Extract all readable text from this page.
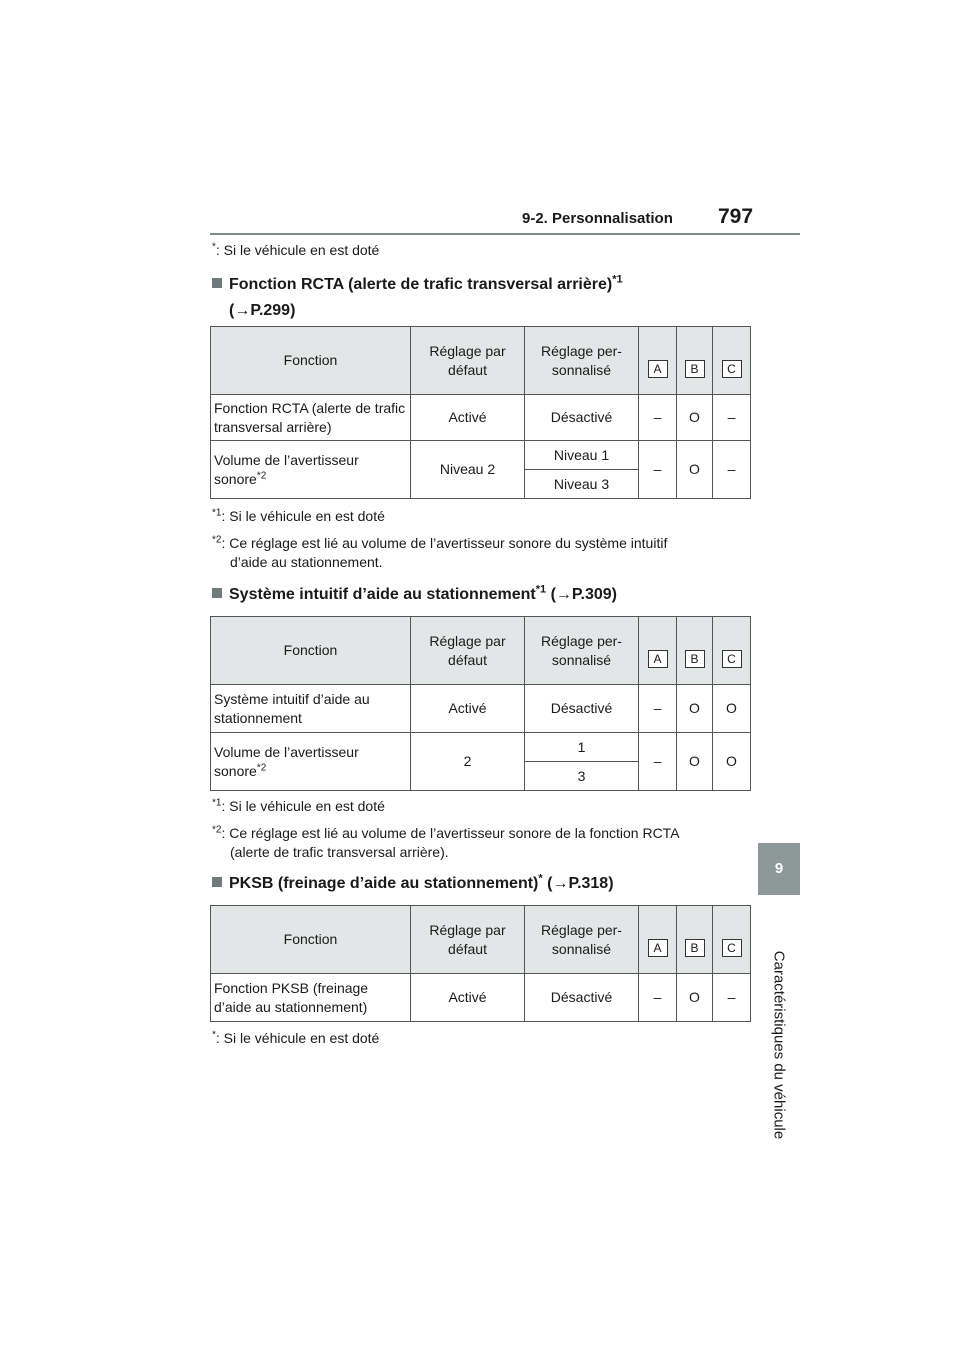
9-2. Personnalisation 797
9
Caractéristiques du véhicule
*: Si le véhicule en est doté
Fonction RCTA (alerte de trafic transversal arrière)$^{*1}$
(→P.299)
Fonction	Réglage par défaut	Réglage per-sonnalisé	A	B	C
Fonction RCTA (alerte de trafic transversal arrière)	Activé	Désactivé	–	O	–
Volume de l’avertisseur sonore$^{*2}$	Niveau 2	Niveau 1	–	O	–
		Niveau 3			
$^{*1}$: Si le véhicule en est doté
$^{*2}$: Ce réglage est lié au volume de l’avertisseur sonore du système intuitif
d’aide au stationnement.
Système intuitif d’aide au stationnement$^{*1}$ (→P.309)
Fonction	Réglage par défaut	Réglage per-sonnalisé	A	B	C
Système intuitif d’aide au stationnement	Activé	Désactivé	–	O	O
Volume de l’avertisseur sonore$^{*2}$	2	1	–	O	O
		3			
$^{*1}$: Si le véhicule en est doté
$^{*2}$: Ce réglage est lié au volume de l’avertisseur sonore de la fonction RCTA
(alerte de trafic transversal arrière).
PKSB (freinage d’aide au stationnement)* (→P.318)
Fonction	Réglage par défaut	Réglage per-sonnalisé	A	B	C
Fonction PKSB (freinage d’aide au stationnement)	Activé	Désactivé	–	O	–
*: Si le véhicule en est doté
